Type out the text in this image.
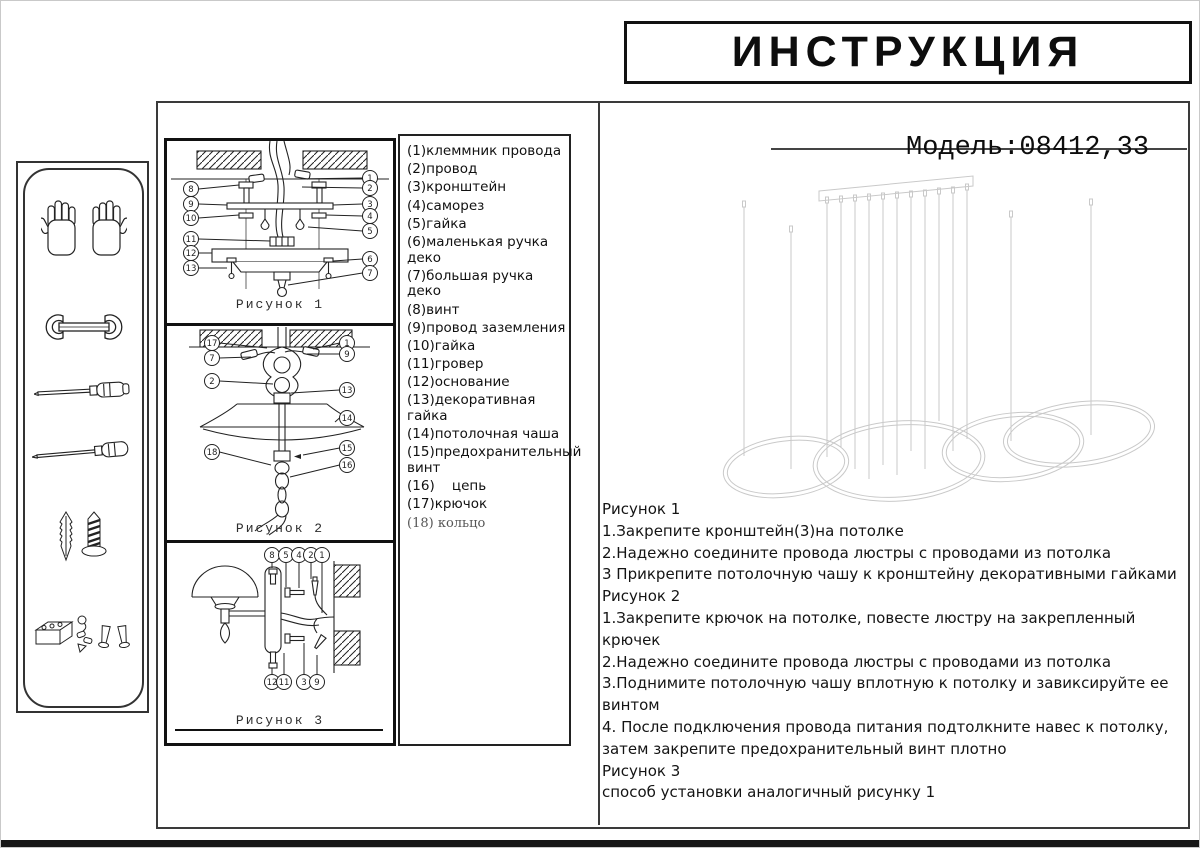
ИНСТРУКЦИЯ
8
9
10
11
12
13
1
2
3
4
5
6
7
Рисунок 1
17
7
2
18
1
9
13
14
15
16
Рисунок 2
8 5 4 2 1
12 11 3 9
Рисунок 3
(1)клеммник провода
(2)провод
(3)кронштейн
(4)саморез
(5)гайка
(6)маленькая ручка деко
(7)большая ручка деко
(8)винт
(9)провод заземления
(10)гайка
(11)гровер
(12)основание
(13)декоративная гайка
(14)потолочная чаша
(15)предохранительный винт
(16)    цепь
(17)крючок
(18) кольцо
Модель:08412,33
Рисунок 1
1.Закрепите кронштейн(3)на потолке
2.Надежно соедините провода люстры с проводами из потолка
3 Прикрепите потолочную чашу к кронштейну декоративными гайками
Рисунок 2
1.Закрепите крючок на потолке, повесте люстру на закрепленный крючек
2.Надежно соедините провода люстры с проводами из потолка
3.Поднимите потолочную чашу вплотную к потолку и завиксируйте ее
винтом
4. После подключения провода питания подтолкните навес к потолку,
затем закрепите предохранительный винт плотно
Рисунок 3
способ установки аналогичный рисунку 1
